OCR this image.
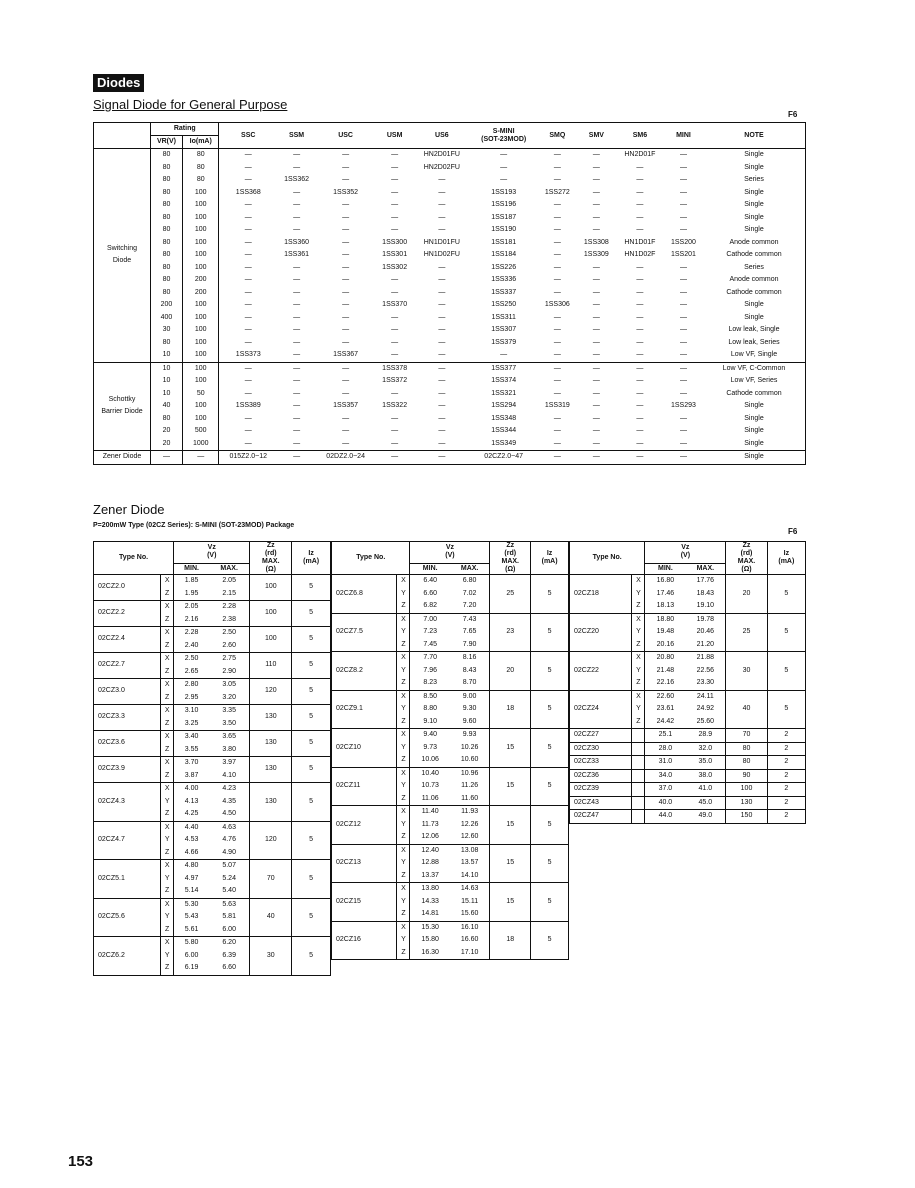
Diodes
Signal Diode for General Purpose
F6
	Rating		SSC	SSM	USC	USM	US6	S-MINI
(SOT-23MOD)	SMQ	SMV	SM6	MINI	NOTE
	VR(V)	Io(mA)											
Switching
Diode	80	80	—	—	—	—	HN2D01FU	—	—	—	HN2D01F	—	Single
	80	80	—	—	—	—	HN2D02FU	—	—	—	—	—	Single
	80	80	—	1SS362	—	—	—	—	—	—	—	—	Series
	80	100	1SS368	—	1SS352	—	—	1SS193	1SS272	—	—	—	Single
	80	100	—	—	—	—	—	1SS196	—	—	—	—	Single
	80	100	—	—	—	—	—	1SS187	—	—	—	—	Single
	80	100	—	—	—	—	—	1SS190	—	—	—	—	Single
	80	100	—	1SS360	—	1SS300	HN1D01FU	1SS181	—	1SS308	HN1D01F	1SS200	Anode common
	80	100	—	1SS361	—	1SS301	HN1D02FU	1SS184	—	1SS309	HN1D02F	1SS201	Cathode common
	80	100	—	—	—	1SS302	—	1SS226	—	—	—	—	Series
	80	200	—	—	—	—	—	1SS336	—	—	—	—	Anode common
	80	200	—	—	—	—	—	1SS337	—	—	—	—	Cathode common
	200	100	—	—	—	1SS370	—	1SS250	1SS306	—	—	—	Single
	400	100	—	—	—	—	—	1SS311	—	—	—	—	Single
	30	100	—	—	—	—	—	1SS307	—	—	—	—	Low leak, Single
	80	100	—	—	—	—	—	1SS379	—	—	—	—	Low leak, Series
	10	100	1SS373	—	1SS367	—	—	—	—	—	—	—	Low VF, Single
Schottky
Barrier Diode	10	100	—	—	—	1SS378	—	1SS377	—	—	—	—	Low VF, C-Common
	10	100	—	—	—	1SS372	—	1SS374	—	—	—	—	Low VF, Series
	10	50	—	—	—	—	—	1SS321	—	—	—	—	Cathode common
	40	100	1SS389	—	1SS357	1SS322	—	1SS294	1SS319	—	—	1SS293	Single
	80	100	—	—	—	—	—	1SS348	—	—	—	—	Single
	20	500	—	—	—	—	—	1SS344	—	—	—	—	Single
	20	1000	—	—	—	—	—	1SS349	—	—	—	—	Single
Zener Diode	—	—	015Z2.0~12	—	02DZ2.0~24	—	—	02CZ2.0~47	—	—	—	—	Single
Zener Diode
P=200mW Type (02CZ Series): S-MINI (SOT-23MOD) Package
F6
Type No.		Vz
(V)		Zz
(rd)
MAX.
(Ω)	Iz
(mA)
		MIN.	MAX.		
02CZ2.0	X	1.85	2.05	100	5
	Z	1.95	2.15		
02CZ2.2	X	2.05	2.28	100	5
	Z	2.16	2.38		
02CZ2.4	X	2.28	2.50	100	5
	Z	2.40	2.60		
02CZ2.7	X	2.50	2.75	110	5
	Z	2.65	2.90		
02CZ3.0	X	2.80	3.05	120	5
	Z	2.95	3.20		
02CZ3.3	X	3.10	3.35	130	5
	Z	3.25	3.50		
02CZ3.6	X	3.40	3.65	130	5
	Z	3.55	3.80		
02CZ3.9	X	3.70	3.97	130	5
	Z	3.87	4.10		
02CZ4.3	X	4.00	4.23	130	5
	Y	4.13	4.35		
	Z	4.25	4.50		
02CZ4.7	X	4.40	4.63	120	5
	Y	4.53	4.76		
	Z	4.66	4.90		
02CZ5.1	X	4.80	5.07	70	5
	Y	4.97	5.24		
	Z	5.14	5.40		
02CZ5.6	X	5.30	5.63	40	5
	Y	5.43	5.81		
	Z	5.61	6.00		
02CZ6.2	X	5.80	6.20	30	5
	Y	6.00	6.39		
	Z	6.19	6.60		
Type No.		Vz
(V)		Zz
(rd)
MAX.
(Ω)	Iz
(mA)
		MIN.	MAX.		
02CZ6.8	X	6.40	6.80	25	5
	Y	6.60	7.02		
	Z	6.82	7.20		
02CZ7.5	X	7.00	7.43	23	5
	Y	7.23	7.65		
	Z	7.45	7.90		
02CZ8.2	X	7.70	8.16	20	5
	Y	7.96	8.43		
	Z	8.23	8.70		
02CZ9.1	X	8.50	9.00	18	5
	Y	8.80	9.30		
	Z	9.10	9.60		
02CZ10	X	9.40	9.93	15	5
	Y	9.73	10.26		
	Z	10.06	10.60		
02CZ11	X	10.40	10.96	15	5
	Y	10.73	11.26		
	Z	11.06	11.60		
02CZ12	X	11.40	11.93	15	5
	Y	11.73	12.26		
	Z	12.06	12.60		
02CZ13	X	12.40	13.08	15	5
	Y	12.88	13.57		
	Z	13.37	14.10		
02CZ15	X	13.80	14.63	15	5
	Y	14.33	15.11		
	Z	14.81	15.60		
02CZ16	X	15.30	16.10	18	5
	Y	15.80	16.60		
	Z	16.30	17.10		
Type No.		Vz
(V)		Zz
(rd)
MAX.
(Ω)	Iz
(mA)
		MIN.	MAX.		
02CZ18	X	16.80	17.76	20	5
	Y	17.46	18.43		
	Z	18.13	19.10		
02CZ20	X	18.80	19.78	25	5
	Y	19.48	20.46		
	Z	20.16	21.20		
02CZ22	X	20.80	21.88	30	5
	Y	21.48	22.56		
	Z	22.16	23.30		
02CZ24	X	22.60	24.11	40	5
	Y	23.61	24.92		
	Z	24.42	25.60		
02CZ27		25.1	28.9	70	2
02CZ30		28.0	32.0	80	2
02CZ33		31.0	35.0	80	2
02CZ36		34.0	38.0	90	2
02CZ39		37.0	41.0	100	2
02CZ43		40.0	45.0	130	2
02CZ47		44.0	49.0	150	2
153
